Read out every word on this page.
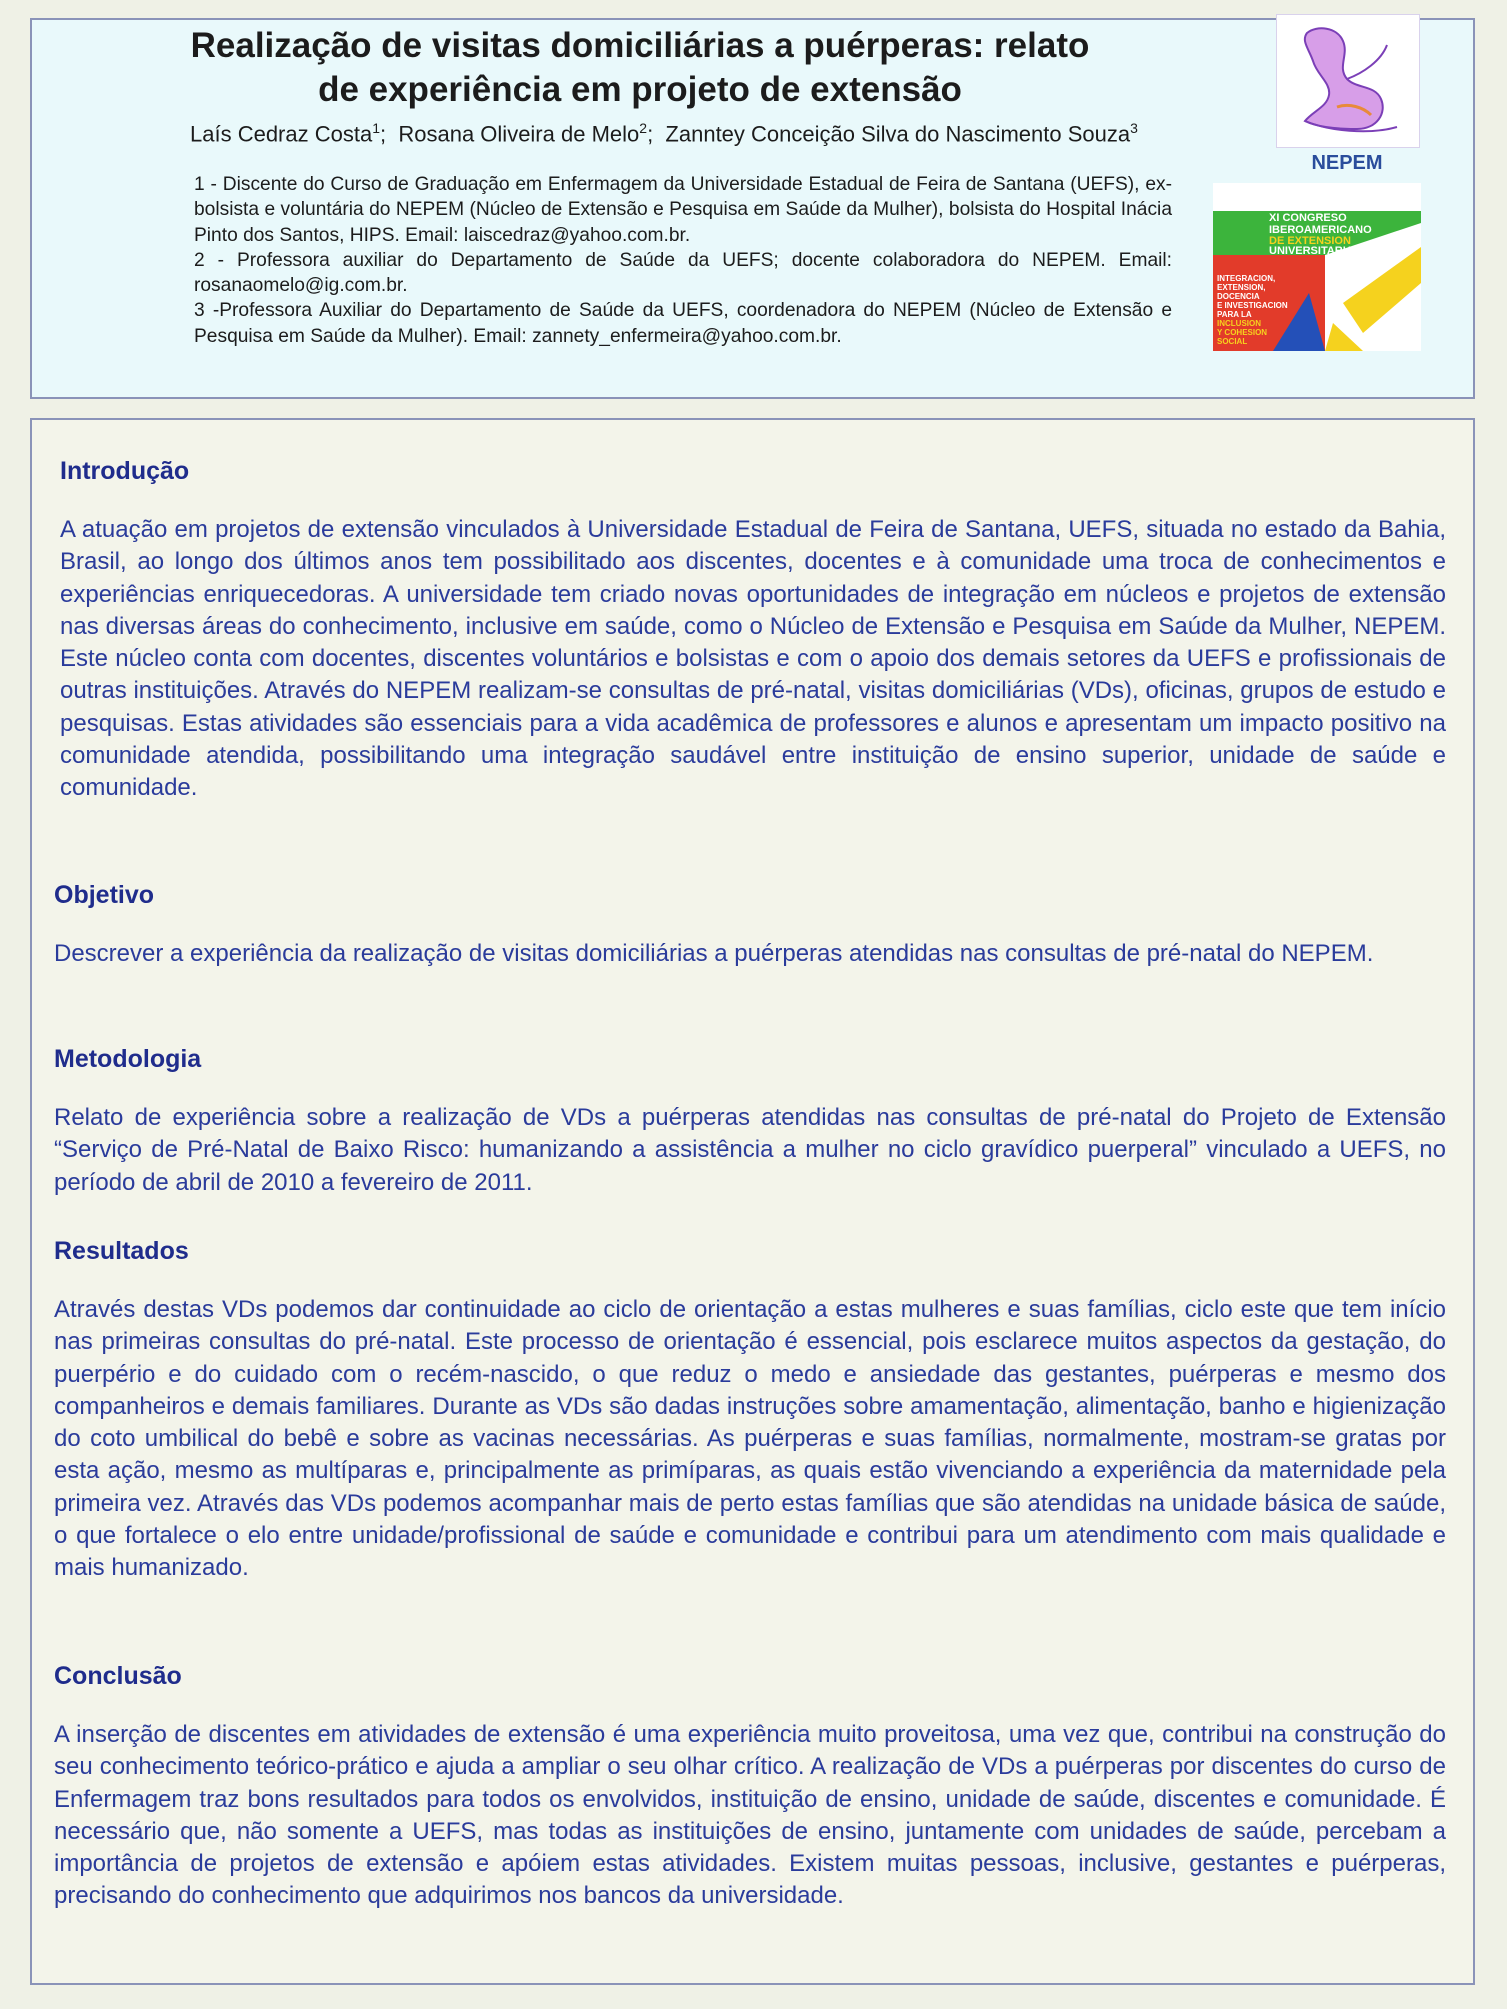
Realização de visitas domiciliárias a puérperas: relato de experiência em projeto de extensão
Laís Cedraz Costa$^1$;  Rosana Oliveira de Melo$^2$;  Zanntey Conceição Silva do Nascimento Souza$^3$

1 - Discente do Curso de Graduação em Enfermagem da Universidade Estadual de Feira de Santana (UEFS), ex-bolsista e voluntária do NEPEM (Núcleo de Extensão e Pesquisa em Saúde da Mulher), bolsista do Hospital Inácia Pinto dos Santos, HIPS. Email: laiscedraz@yahoo.com.br.

2 - Professora auxiliar do Departamento de Saúde da UEFS; docente colaboradora do NEPEM. Email: rosanaomelo@ig.com.br.

3 -Professora Auxiliar do Departamento de Saúde da UEFS, coordenadora do NEPEM (Núcleo de Extensão e Pesquisa em Saúde da Mulher). Email: zannety_enfermeira@yahoo.com.br.

NEPEM
XI CONGRESO
IBEROAMERICANO
DE EXTENSION
UNIVERSITARIA
INTEGRACION,
EXTENSION,
DOCENCIA
E INVESTIGACION
PARA LA
INCLUSION
Y COHESION
SOCIAL
Introdução

A atuação em projetos de extensão vinculados à Universidade Estadual de Feira de Santana, UEFS, situada no estado da Bahia, Brasil, ao longo dos últimos anos tem possibilitado aos discentes, docentes e à comunidade uma troca de conhecimentos e experiências enriquecedoras. A universidade tem criado novas oportunidades de integração em núcleos e projetos de extensão nas diversas áreas do conhecimento, inclusive em saúde, como o Núcleo de Extensão e Pesquisa em Saúde da Mulher, NEPEM. Este núcleo conta com docentes, discentes voluntários e bolsistas e com o apoio dos demais setores da UEFS e profissionais de outras instituições. Através do NEPEM realizam-se consultas de pré-natal, visitas domiciliárias (VDs), oficinas, grupos de estudo e pesquisas. Estas atividades são essenciais para a vida acadêmica de professores e alunos e apresentam um impacto positivo na comunidade atendida, possibilitando uma integração saudável entre instituição de ensino superior, unidade de saúde e comunidade.

Objetivo

Descrever a experiência da realização de visitas domiciliárias a puérperas atendidas nas consultas de pré-natal do NEPEM.

Metodologia

Relato de experiência sobre a realização de VDs a puérperas atendidas nas consultas de pré-natal do Projeto de Extensão “Serviço de Pré-Natal de Baixo Risco: humanizando a assistência a mulher no ciclo gravídico puerperal” vinculado a UEFS, no período de abril de 2010 a fevereiro de 2011.

Resultados

Através destas VDs podemos dar continuidade ao ciclo de orientação a estas mulheres e suas famílias, ciclo este que tem início nas primeiras consultas do pré-natal. Este processo de orientação é essencial, pois esclarece muitos aspectos da gestação, do puerpério e do cuidado com o recém-nascido, o que reduz o medo e ansiedade das gestantes, puérperas e mesmo dos companheiros e demais familiares. Durante as VDs são dadas instruções sobre amamentação, alimentação, banho e higienização do coto umbilical do bebê e sobre as vacinas necessárias. As puérperas e suas famílias, normalmente, mostram-se gratas por esta ação, mesmo as multíparas e, principalmente as primíparas, as quais estão vivenciando a experiência da maternidade pela primeira vez. Através das VDs podemos acompanhar mais de perto estas famílias que são atendidas na unidade básica de saúde, o que fortalece o elo entre unidade/profissional de saúde e comunidade e contribui para um atendimento com mais qualidade e mais humanizado.

Conclusão

A inserção de discentes em atividades de extensão é uma experiência muito proveitosa, uma vez que, contribui na construção do seu conhecimento teórico-prático e ajuda a ampliar o seu olhar crítico. A realização de VDs a puérperas por discentes do curso de Enfermagem traz bons resultados para todos os envolvidos, instituição de ensino, unidade de saúde, discentes e comunidade. É necessário que, não somente a UEFS, mas todas as instituições de ensino, juntamente com unidades de saúde, percebam a importância de projetos de extensão e apóiem estas atividades. Existem muitas pessoas, inclusive, gestantes e puérperas, precisando do conhecimento que adquirimos nos bancos da universidade.
